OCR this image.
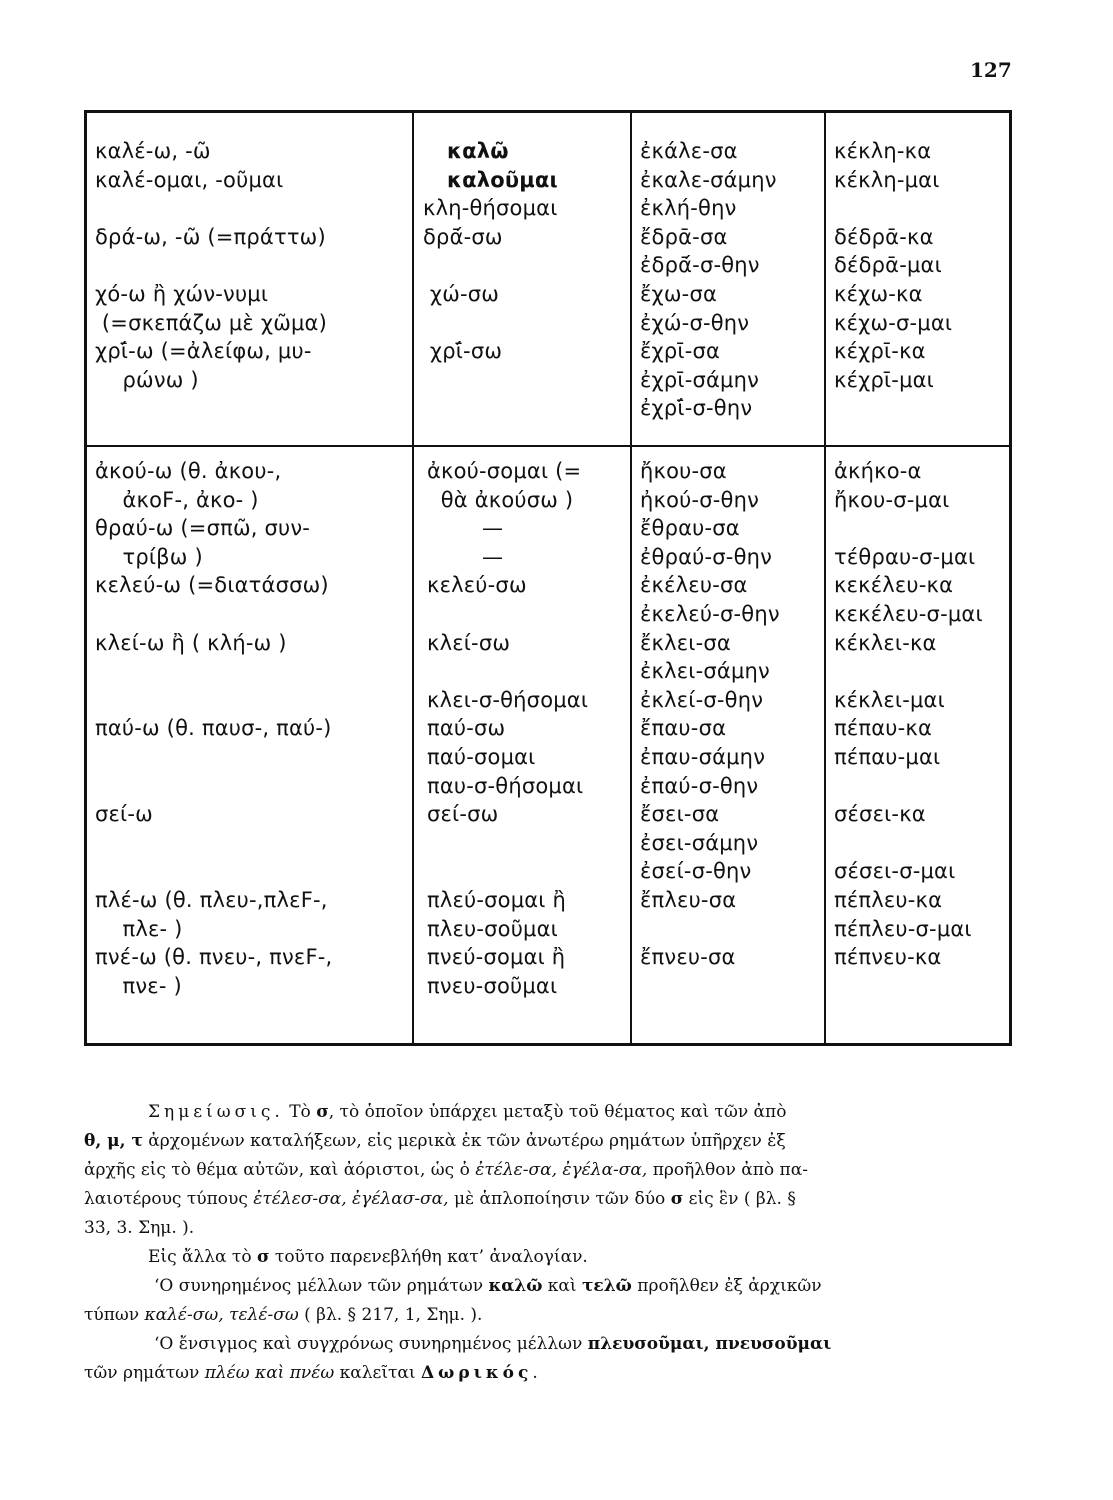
127
καλέ-ω, -ῶ
καλέ-ομαι, -οῦμαι

δρά-ω, -ῶ (=πράττω)

χό-ω ἢ χών-νυμι
(=σκεπάζω μὲ χῶμα)
χρῑ́-ω (=ἀλείφω, μυ-
ρώνω )
καλῶ
καλοῦμαι
κλη-θήσομαι
δρᾱ́-σω

χώ-σω

χρῑ́-σω
ἐκάλε-σα
ἐκαλε-σάμην
ἐκλή-θην
ἔδρᾱ-σα
ἐδρᾱ́-σ-θην
ἔχω-σα
ἐχώ-σ-θην
ἔχρῑ-σα
ἐχρῑ-σάμην
ἐχρῑ́-σ-θην
κέκλη-κα
κέκλη-μαι

δέδρᾱ-κα
δέδρᾱ-μαι
κέχω-κα
κέχω-σ-μαι
κέχρῑ-κα
κέχρῑ-μαι
ἀκού-ω (θ. ἀκου-,
ἀκοF-, ἀκο- )
θραύ-ω (=σπῶ, συν-
τρίβω )
κελεύ-ω (=διατάσσω)

κλεί-ω ἢ ( κλή-ω )

παύ-ω (θ. παυσ-, παύ-)

σεί-ω

πλέ-ω (θ. πλευ-,πλεF-,
πλε- )
πνέ-ω (θ. πνευ-, πνεF-,
πνε- )
ἀκού-σομαι (=
θὰ ἀκούσω )
—
—
κελεύ-σω

κλεί-σω

κλει-σ-θήσομαι
παύ-σω
παύ-σομαι
παυ-σ-θήσομαι
σεί-σω

πλεύ-σομαι ἢ
πλευ-σοῦμαι
πνεύ-σομαι ἢ
πνευ-σοῦμαι
ἤκου-σα
ἠκού-σ-θην
ἔθραυ-σα
ἐθραύ-σ-θην
ἐκέλευ-σα
ἐκελεύ-σ-θην
ἔκλει-σα
ἐκλει-σάμην
ἐκλεί-σ-θην
ἔπαυ-σα
ἐπαυ-σάμην
ἐπαύ-σ-θην
ἔσει-σα
ἐσει-σάμην
ἐσεί-σ-θην
ἔπλευ-σα

ἔπνευ-σα
ἀκήκο-α
ἤκου-σ-μαι

τέθραυ-σ-μαι
κεκέλευ-κα
κεκέλευ-σ-μαι
κέκλει-κα

κέκλει-μαι
πέπαυ-κα
πέπαυ-μαι

σέσει-κα

σέσει-σ-μαι
πέπλευ-κα
πέπλευ-σ-μαι
πέπνευ-κα
Σημείωσις. Τὸ σ, τὸ ὁποῖον ὑπάρχει μεταξὺ τοῦ θέματος καὶ τῶν ἀπὸ
θ, μ, τ ἀρχομένων καταλήξεων, εἰς μερικὰ ἐκ τῶν ἀνωτέρω ρημάτων ὑπῆρχεν ἐξ
ἀρχῆς εἰς τὸ θέμα αὐτῶν, καὶ ἀόριστοι, ὡς ὁ ἐτέλε-σα, ἐγέλα-σα, προῆλθον ἀπὸ πα-
λαιοτέρους τύπους ἐτέλεσ-σα, ἐγέλασ-σα, μὲ ἁπλοποίησιν τῶν δύο σ εἰς ἓν ( βλ. §
33, 3. Σημ. ).
Εἰς ἄλλα τὸ σ τοῦτο παρενεβλήθη κατ’ ἀναλογίαν.
‘Ο συνηρημένος μέλλων τῶν ρημάτων καλῶ καὶ τελῶ προῆλθεν ἐξ ἀρχικῶν
τύπων καλέ-σω, τελέ-σω ( βλ. § 217, 1, Σημ. ).
‘Ο ἔνσιγμος καὶ συγχρόνως συνηρημένος μέλλων πλευσοῦμαι, πνευσοῦμαι
τῶν ρημάτων πλέω καὶ πνέω καλεῖται Δωρικός.
